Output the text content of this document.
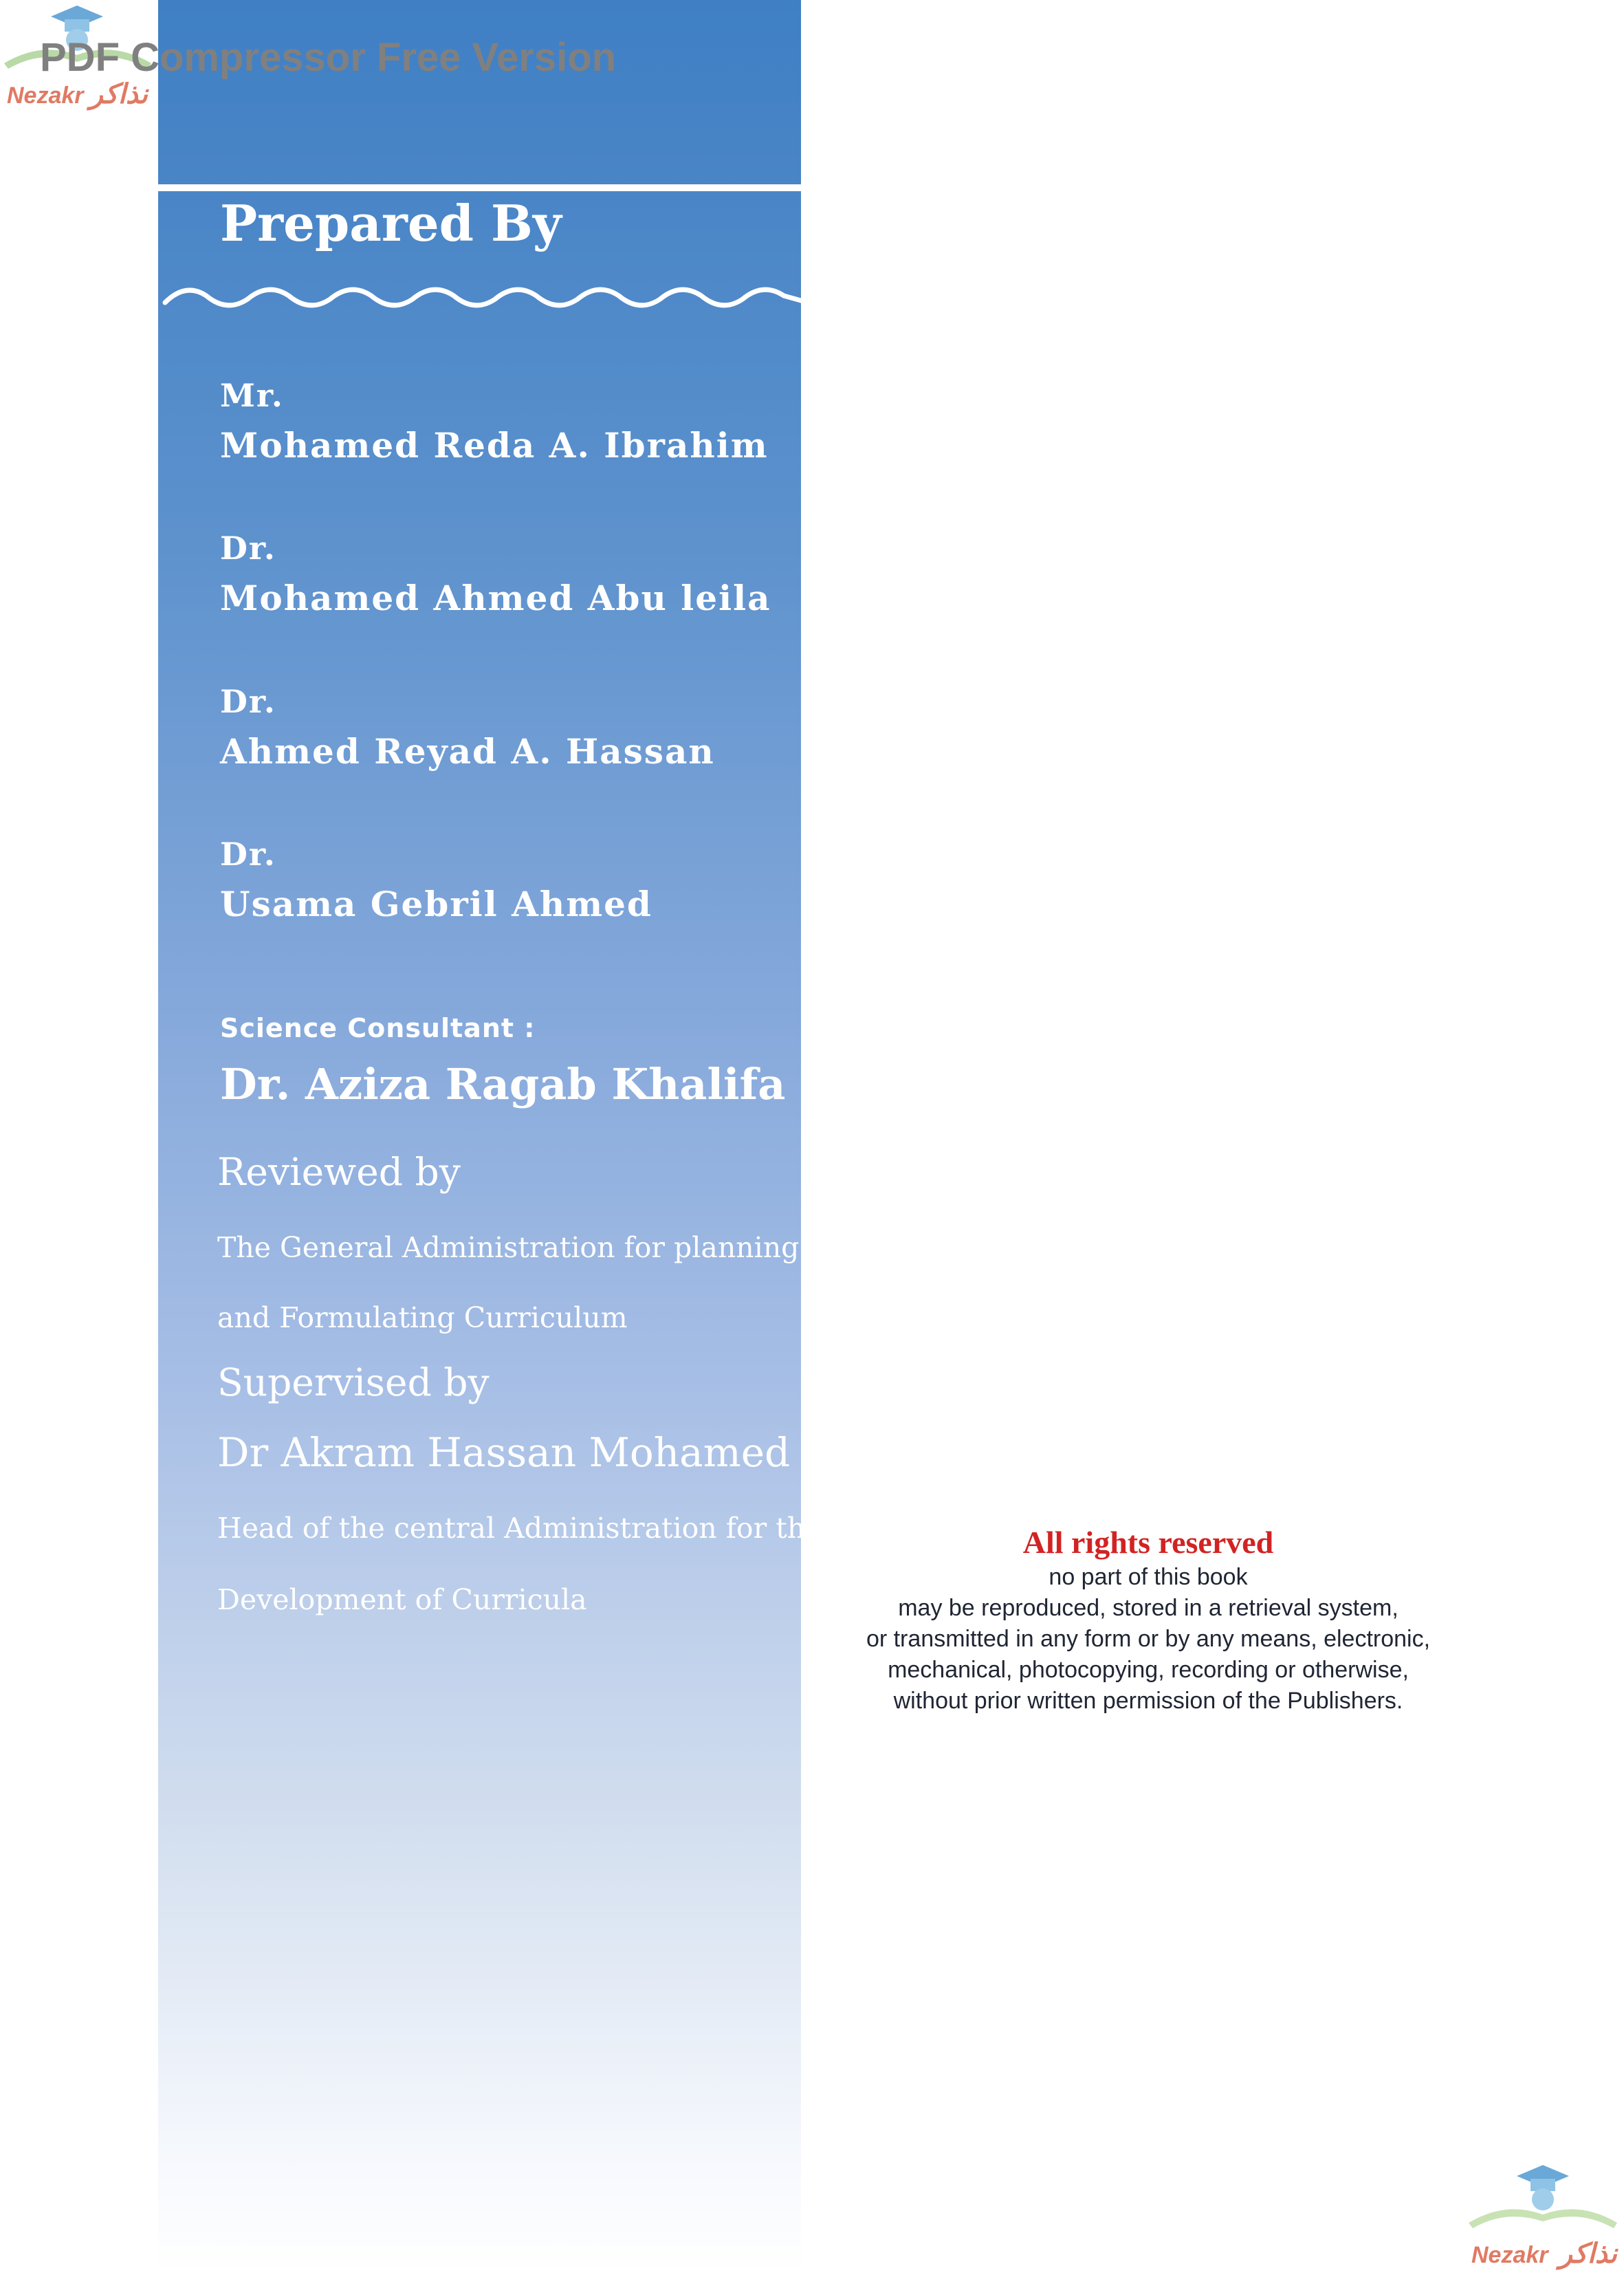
Prepared By

Mr.

Mohamed Reda A. Ibrahim

Dr.

Mohamed Ahmed Abu leila

Dr.

Ahmed Reyad A. Hassan

Dr.

Usama Gebril Ahmed

Science Consultant :

Dr. Aziza Ragab Khalifa

Reviewed by

The General Administration for planning

and Formulating Curriculum

Supervised by

Dr Akram Hassan Mohamed

Head of the central Administration for the

Development of Curricula

All rights reserved
no part of this book
may be reproduced, stored in a retrieval system,
or transmitted in any form or by any means, electronic,
mechanical, photocopying, recording or otherwise,
without prior written permission of the Publishers.
Nezakr نذاكر
PDF Compressor Free Version
Nezakr نذاكر
